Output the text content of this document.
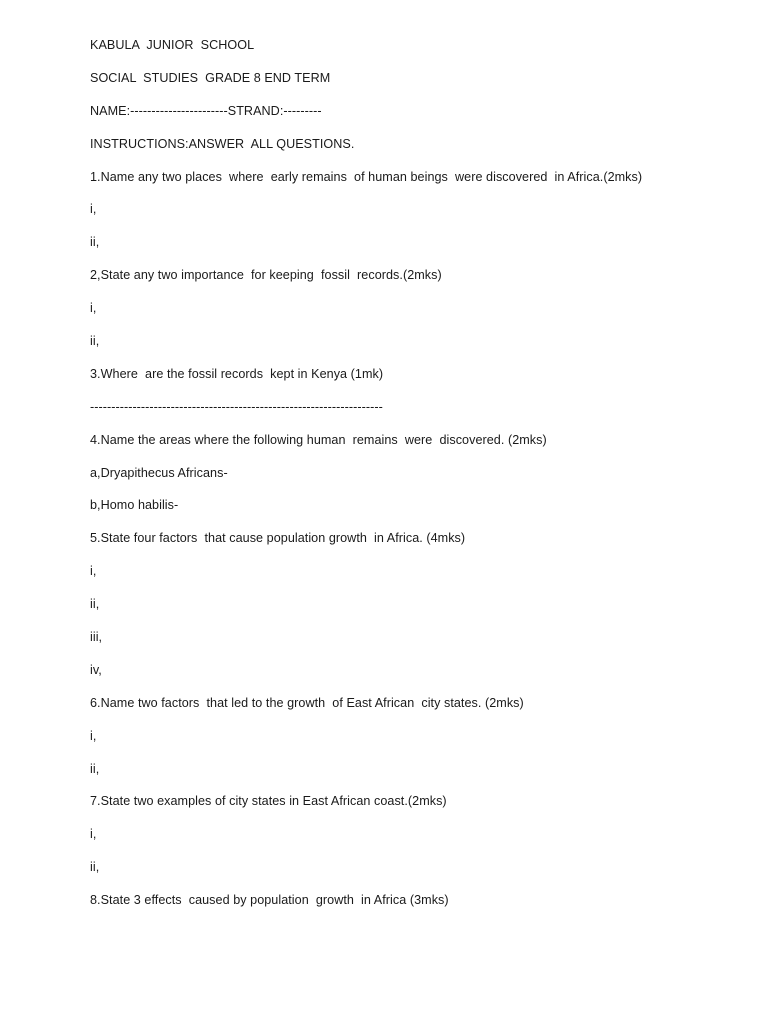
KABULA  JUNIOR  SCHOOL
SOCIAL  STUDIES  GRADE 8 END TERM
NAME:-----------------------STRAND:---------
INSTRUCTIONS:ANSWER  ALL QUESTIONS.
1.Name any two places  where  early remains  of human beings  were discovered  in Africa.(2mks)
i,
ii,
2,State any two importance  for keeping  fossil  records.(2mks)
i,
ii,
3.Where  are the fossil records  kept in Kenya (1mk)
---------------------------------------------------------------------
4.Name the areas where the following human  remains  were  discovered. (2mks)
a,Dryapithecus Africans-
b,Homo habilis-
5.State four factors  that cause population growth  in Africa. (4mks)
i,
ii,
iii,
iv,
6.Name two factors  that led to the growth  of East African  city states. (2mks)
i,
ii,
7.State two examples of city states in East African coast.(2mks)
i,
ii,
8.State 3 effects  caused by population  growth  in Africa (3mks)
